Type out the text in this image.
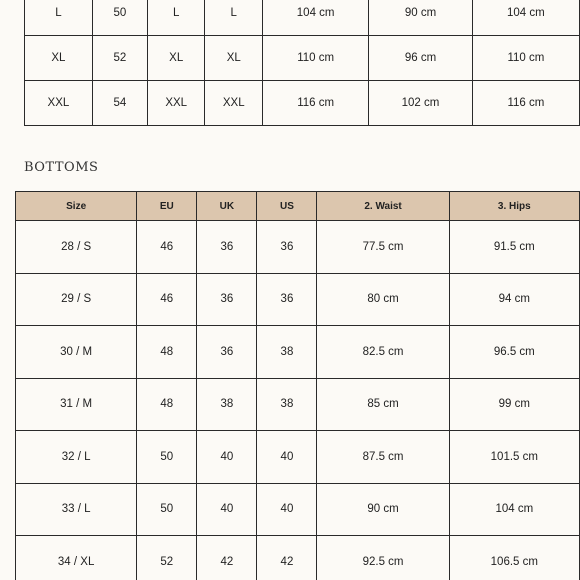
L	50	L	L	104 cm	90 cm	104 cm
XL	52	XL	XL	110 cm	96 cm	110 cm
XXL	54	XXL	XXL	116 cm	102 cm	116 cm
BOTTOMS
Size	EU	UK	US	2. Waist	3. Hips
28 / S	46	36	36	77.5 cm	91.5 cm
29 / S	46	36	36	80 cm	94 cm
30 / M	48	36	38	82.5 cm	96.5 cm
31 / M	48	38	38	85 cm	99 cm
32 / L	50	40	40	87.5 cm	101.5 cm
33 / L	50	40	40	90 cm	104 cm
34 / XL	52	42	42	92.5 cm	106.5 cm
